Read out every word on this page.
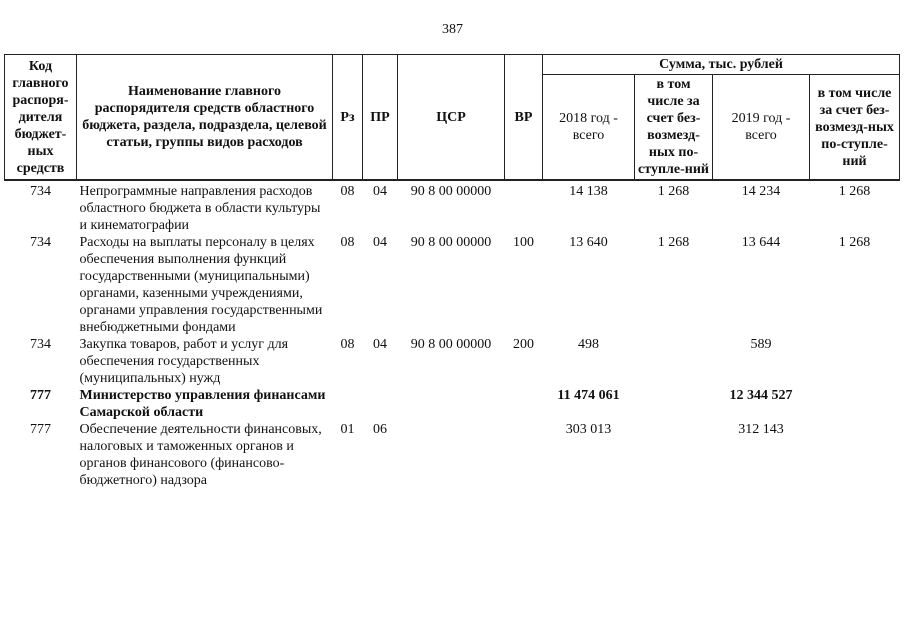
387
Код главного распоря-дителя бюджет-ных средств	Наименование главного распорядителя средств областного бюджета, раздела, подраздела, целевой статьи, группы видов расходов	Рз	ПР	ЦСР	ВР	Сумма, тыс. рублей			
						2018 год - всего	в том числе за счет без-возмезд-ных по-ступле-ний	2019 год - всего	в том числе за счет без-возмезд-ных по-ступле-ний
734	Непрограммные направления расходов областного бюджета в области культуры и кинематографии	08	04	90 8 00 00000		14 138	1 268	14 234	1 268
734	Расходы на выплаты персоналу в целях обеспечения выполнения функций государственными (муниципальными) органами, казенными учреждениями, органами управления государственными внебюджетными фондами	08	04	90 8 00 00000	100	13 640	1 268	13 644	1 268
734	Закупка товаров, работ и услуг для обеспечения государственных (муниципальных) нужд	08	04	90 8 00 00000	200	498		589	
777	Министерство управления финансами Самарской области					11 474 061		12 344 527	
777	Обеспечение деятельности финансовых, налоговых и таможенных органов и органов финансового (финансово-бюджетного) надзора	01	06			303 013		312 143	
